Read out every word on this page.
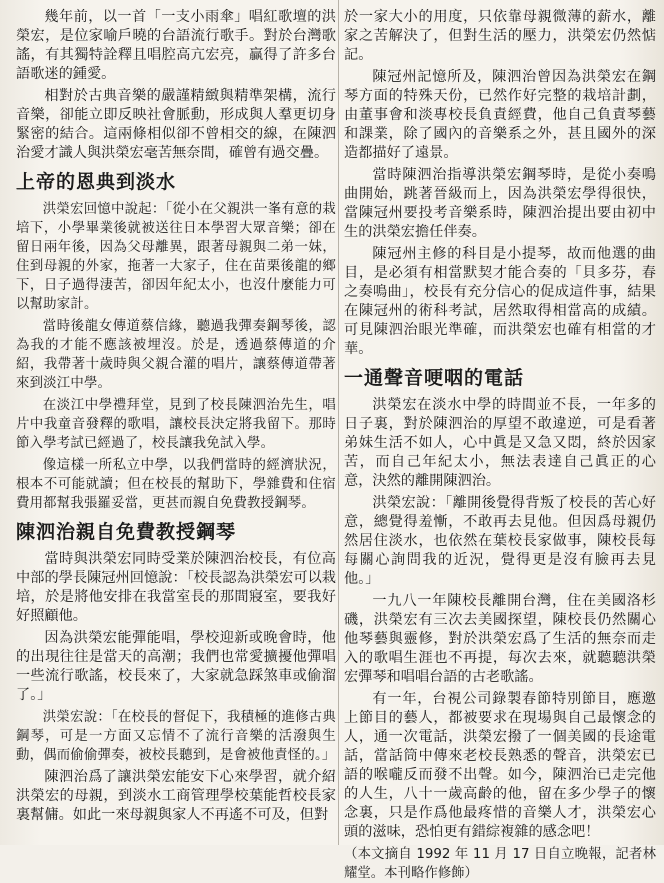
幾年前，以一首「一支小雨傘」唱紅歌壇的洪榮宏，是位家喻戶曉的台語流行歌手。對於台灣歌謠，有其獨特詮釋且唱腔高亢宏亮，贏得了許多台語歌迷的鍾愛。

相對於古典音樂的嚴謹精緻與精準架構，流行音樂，卻能立即反映社會脈動，形成與人羣更切身緊密的結合。這兩條相似卻不曾相交的線，在陳泗治愛才識人與洪榮宏毫苦無奈間，確曾有過交疊。

上帝的恩典到淡水

洪榮宏回憶中說起：「從小在父親洪一峯有意的栽培下，小學畢業後就被送往日本學習大眾音樂；卻在留日兩年後，因為父母離異，跟著母親與二弟一妹，住到母親的外家，拖著一大家子，住在苗栗後龍的鄉下，日子過得淒苦，卻因年紀太小，也沒什麼能力可以幫助家計。

當時後龍女傳道蔡信緣，聽過我彈奏鋼琴後，認為我的才能不應該被埋沒。於是，透過蔡傳道的介紹，我帶著十歲時與父親合灌的唱片，讓蔡傳道帶著來到淡江中學。

在淡江中學禮拜堂，見到了校長陳泗治先生，唱片中我童音發釋的歌唱，讓校長決定將我留下。那時節入學考試已經過了，校長讓我免試入學。

像這樣一所私立中學，以我們當時的經濟狀況，根本不可能就讀；但在校長的幫助下，學雜費和住宿費用都幫我張羅妥當，更甚而親自免費教授鋼琴。

陳泗治親自免費教授鋼琴

當時與洪榮宏同時受業於陳泗治校長，有位高中部的學長陳冠州回憶說：「校長認為洪榮宏可以栽培，於是將他安排在我當室長的那間寢室，要我好好照顧他。

因為洪榮宏能彈能唱，學校迎新或晚會時，他的出現往往是當天的高潮；我們也常愛擴擾他彈唱一些流行歌謠，校長來了，大家就急踩煞車或偷溜了。」

洪榮宏說：「在校長的督促下，我積極的進修古典鋼琴，可是一方面又忘情不了流行音樂的活潑與生動，偶而偷偷彈奏，被校長聽到，是會被他責怪的。」

陳泗治爲了讓洪榮宏能安下心來學習，就介紹洪榮宏的母親，到淡水工商管理學校葉能哲校長家裏幫傭。如此一來母親與家人不再遙不可及，但對

於一家大小的用度，只依靠母親微薄的薪水，離家之苦解決了，但對生活的壓力，洪榮宏仍然惦記。

陳冠州記憶所及，陳泗治曾因為洪榮宏在鋼琴方面的特殊天份，已然作好完整的栽培計劃，由董事會和淡專校長負責經費，他自己負責琴藝和課業，除了國內的音樂系之外，甚且國外的深造都描好了遠景。

當時陳泗治指導洪榮宏鋼琴時，是從小奏鳴曲開始，跳著晉級而上，因為洪榮宏學得很快，當陳冠州要投考音樂系時，陳泗治提出要由初中生的洪榮宏擔任伴奏。

陳冠州主修的科目是小提琴，故而他選的曲目，是必須有相當默契才能合奏的「貝多芬，春之奏鳴曲」，校長有充分信心的促成這件事，結果在陳冠州的術科考試，居然取得相當高的成績。可見陳泗治眼光準確，而洪榮宏也確有相當的才華。

一通聲音哽咽的電話

洪榮宏在淡水中學的時間並不長，一年多的日子裏，對於陳泗治的厚望不敢違逆，可是看著弟妹生活不如人，心中眞是又急又悶，終於因家苦，而自己年紀太小，無法表達自己眞正的心意，決然的離開陳泗治。

洪榮宏說：「離開後覺得背叛了校長的苦心好意，總覺得羞慚，不敢再去見他。但因爲母親仍然居住淡水，也依然在葉校長家做事，陳校長每每關心詢問我的近況，覺得更是沒有臉再去見他。」

一九八一年陳校長離開台灣，住在美國洛杉磯，洪榮宏有三次去美國探望，陳校長仍然關心他琴藝與靈修，對於洪榮宏爲了生活的無奈而走入的歌唱生涯也不再提，每次去來，就聽聽洪榮宏彈琴和唱唱台語的古老歌謠。

有一年，台視公司錄製春節特別節目，應邀上節目的藝人，都被要求在現場與自己最懷念的人，通一次電話，洪榮宏撥了一個美國的長途電話，當話筒中傳來老校長熟悉的聲音，洪榮宏已語的喉嚨反而發不出聲。如今，陳泗治已走完他的人生，八十一歲高齡的他，留在多少學子的懷念裏，只是作爲他最疼惜的音樂人才，洪榮宏心頭的滋味，恐怕更有錯綜複雜的感念吧！

（本文摘自 1992 年 11 月 17 日自立晚報，記者林耀堂。本刊略作修飾）
